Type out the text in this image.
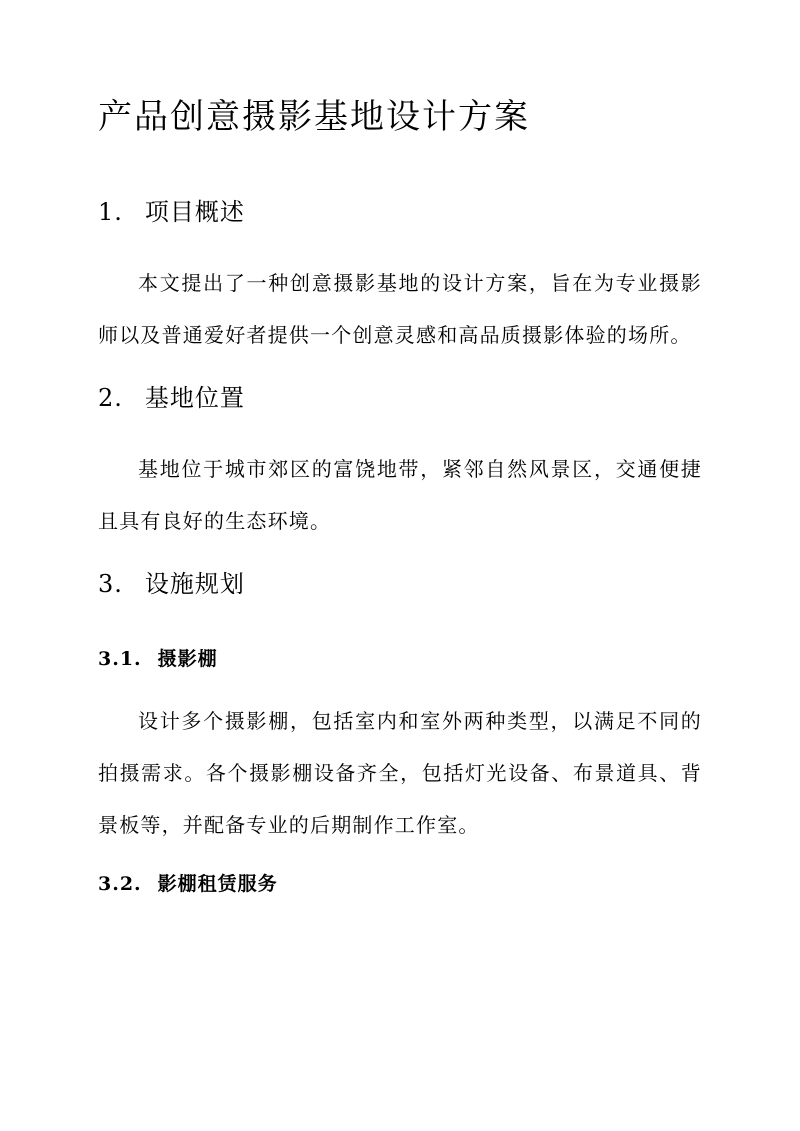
产品创意摄影基地设计方案
1. 项目概述

本文提出了一种创意摄影基地的设计方案，旨在为专业摄影师以及普通爱好者提供一个创意灵感和高品质摄影体验的场所。

2. 基地位置

基地位于城市郊区的富饶地带，紧邻自然风景区，交通便捷且具有良好的生态环境。

3. 设施规划
3.1. 摄影棚

设计多个摄影棚，包括室内和室外两种类型，以满足不同的拍摄需求。各个摄影棚设备齐全，包括灯光设备、布景道具、背景板等，并配备专业的后期制作工作室。

3.2. 影棚租赁服务
